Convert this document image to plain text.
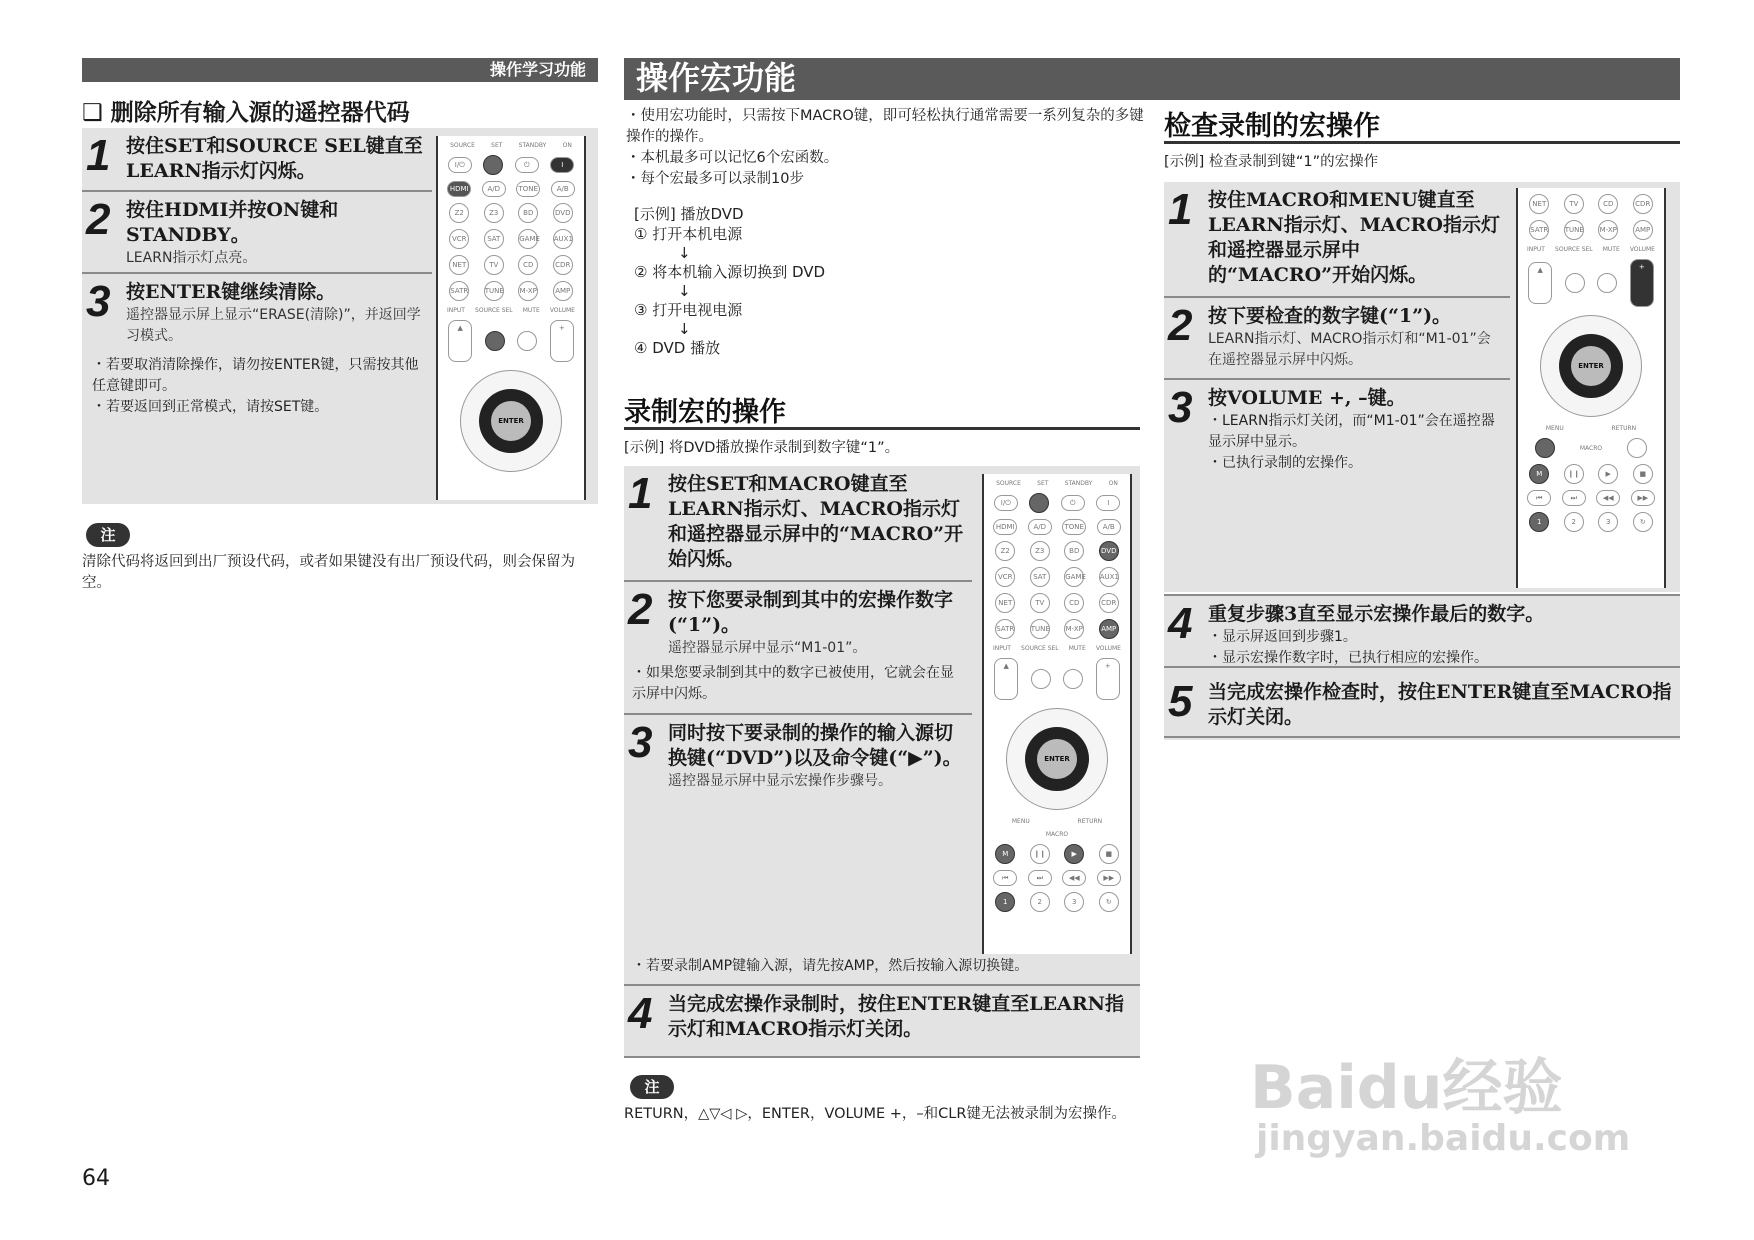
操作学习功能
❑ 删除所有输入源的遥控器代码
1 按住SET和SOURCE SEL键直至LEARN指示灯闪烁。
2 按住HDMI并按ON键和STANDBY。
LEARN指示灯点亮。
3 按ENTER键继续清除。
遥控器显示屏上显示“ERASE(清除)”，并返回学习模式。
・若要取消清除操作，请勿按ENTER键，只需按其他任意键即可。
・若要返回到正常模式，请按SET键。
SOURCE	SET	STANDBY	ON
I/⏻	⏻	I
HDMI	A/D	TONE	A/B
Z2	Z3	BD	DVD
VCR	SAT	GAME AUX1
NET	TV	CD	CDR
SATR TUNE M-XP	AMP
INPUT SOURCE SEL MUTE VOLUME
▲	+
ENTER
注
清除代码将返回到出厂预设代码，或者如果键没有出厂预设代码，则会保留为空。
操作宏功能
・使用宏功能时，只需按下MACRO键，即可轻松执行通常需要一系列复杂的多键操作的操作。
・本机最多可以记忆6个宏函数。
・每个宏最多可以录制10步
[示例] 播放DVD
① 打开本机电源
↓
② 将本机输入源切换到 DVD
↓
③ 打开电视电源
↓
④ DVD 播放
录制宏的操作
[示例] 将DVD播放操作录制到数字键“1”。
1 按住SET和MACRO键直至LEARN指示灯、MACRO指示灯和遥控器显示屏中的“MACRO”开始闪烁。
2 按下您要录制到其中的宏操作数字(“1”)。
遥控器显示屏中显示“M1-01”。
・如果您要录制到其中的数字已被使用，它就会在显示屏中闪烁。
3 同时按下要录制的操作的输入源切换键(“DVD”)以及命令键(“▶”)。
遥控器显示屏中显示宏操作步骤号。
・若要录制AMP键输入源，请先按AMP，然后按输入源切换键。
4 当完成宏操作录制时，按住ENTER键直至LEARN指示灯和MACRO指示灯关闭。
SOURCE	SET	STANDBY	ON
I/⏻	⏻	I
HDMI	A/D	TONE	A/B
Z2	Z3	BD	DVD
VCR	SAT	GAME AUX1
NET	TV	CD	CDR
SATR TUNE M-XP	AMP
INPUT SOURCE SEL MUTE VOLUME
▲	+
ENTER
MENU	RETURN
MACRO
M	❙❙	▶	■
⏮	⏭	◀◀	▶▶
1	2	3	↻
注
RETURN，△▽◁ ▷，ENTER，VOLUME +，–和CLR键无法被录制为宏操作。
检查录制的宏操作
[示例] 检查录制到键“1”的宏操作
1 按住MACRO和MENU键直至LEARN指示灯、MACRO指示灯和遥控器显示屏中的“MACRO”开始闪烁。
2 按下要检查的数字键(“1”)。
LEARN指示灯、MACRO指示灯和“M1-01”会在遥控器显示屏中闪烁。
3 按VOLUME +, –键。
・LEARN指示灯关闭，而“M1-01”会在遥控器显示屏中显示。
・已执行录制的宏操作。
NET	TV	CD	CDR
SATR TUNE M-XP	AMP
INPUT SOURCE SEL MUTE VOLUME
▲	+
ENTER
MENU	RETURN
MACRO
M	❙❙	▶	■
⏮	⏭	◀◀	▶▶
1	2	3	↻
4 重复步骤3直至显示宏操作最后的数字。
・显示屏返回到步骤1。
・显示宏操作数字时，已执行相应的宏操作。
5 当完成宏操作检查时，按住ENTER键直至MACRO指示灯关闭。
64
Baidu经验
jingyan.baidu.com
